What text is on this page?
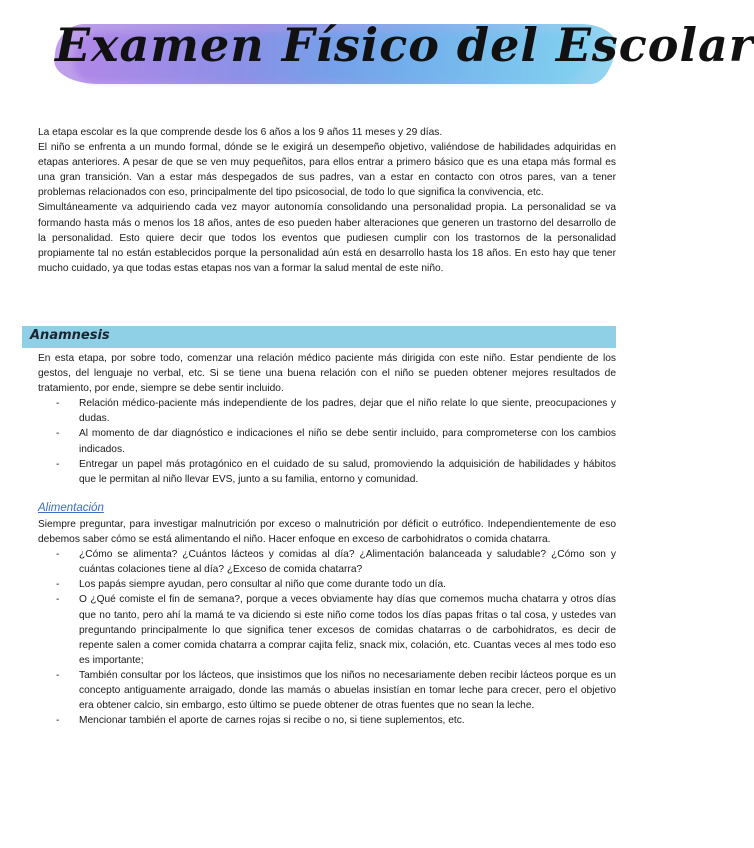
Examen Físico del Escolar

La etapa escolar es la que comprende desde los 6 años a los 9 años 11 meses y 29 días.

El niño se enfrenta a un mundo formal, dónde se le exigirá un desempeño objetivo, valiéndose de habilidades adquiridas en etapas anteriores. A pesar de que se ven muy pequeñitos, para ellos entrar a primero básico que es una etapa más formal es una gran transición. Van a estar más despegados de sus padres, van a estar en contacto con otros pares, van a tener problemas relacionados con eso, principalmente del tipo psicosocial, de todo lo que significa la convivencia, etc.

Simultáneamente va adquiriendo cada vez mayor autonomía consolidando una personalidad propia. La personalidad se va formando hasta más o menos los 18 años, antes de eso pueden haber alteraciones que generen un trastorno del desarrollo de la personalidad. Esto quiere decir que todos los eventos que pudiesen cumplir con los trastornos de la personalidad propiamente tal no están establecidos porque la personalidad aún está en desarrollo hasta los 18 años. En esto hay que tener mucho cuidado, ya que todas estas etapas nos van a formar la salud mental de este niño.

Anamnesis

En esta etapa, por sobre todo, comenzar una relación médico paciente más dirigida con este niño. Estar pendiente de los gestos, del lenguaje no verbal, etc. Si se tiene una buena relación con el niño se pueden obtener mejores resultados de tratamiento, por ende, siempre se debe sentir incluido.

- Relación médico-paciente más independiente de los padres, dejar que el niño relate lo que siente, preocupaciones y dudas.
- Al momento de dar diagnóstico e indicaciones el niño se debe sentir incluido, para comprometerse con los cambios indicados.
- Entregar un papel más protagónico en el cuidado de su salud, promoviendo la adquisición de habilidades y hábitos que le permitan al niño llevar EVS, junto a su familia, entorno y comunidad.
Alimentación

Siempre preguntar, para investigar malnutrición por exceso o malnutrición por déficit o eutrófico. Independientemente de eso debemos saber cómo se está alimentando el niño. Hacer enfoque en exceso de carbohidratos o comida chatarra.

- ¿Cómo se alimenta? ¿Cuántos lácteos y comidas al día? ¿Alimentación balanceada y saludable? ¿Cómo son y cuántas colaciones tiene al día? ¿Exceso de comida chatarra?
- Los papás siempre ayudan, pero consultar al niño que come durante todo un día.
- O ¿Qué comiste el fin de semana?, porque a veces obviamente hay días que comemos mucha chatarra y otros días que no tanto, pero ahí la mamá te va diciendo si este niño come todos los días papas fritas o tal cosa, y ustedes van preguntando principalmente lo que significa tener excesos de comidas chatarras o de carbohidratos, es decir de repente salen a comer comida chatarra a comprar cajita feliz, snack mix, colación, etc. Cuantas veces al mes todo eso es importante;
- También consultar por los lácteos, que insistimos que los niños no necesariamente deben recibir lácteos porque es un concepto antiguamente arraigado, donde las mamás o abuelas insistían en tomar leche para crecer, pero el objetivo era obtener calcio, sin embargo, esto último se puede obtener de otras fuentes que no sean la leche.
- Mencionar también el aporte de carnes rojas si recibe o no, si tiene suplementos, etc.
